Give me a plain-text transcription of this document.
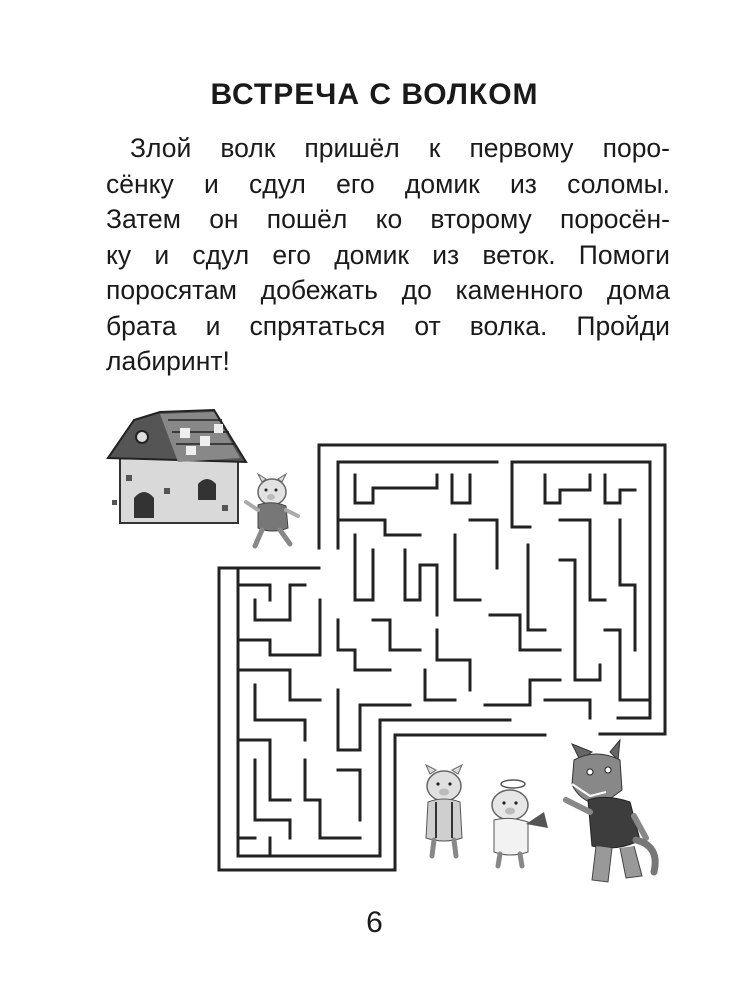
ВСТРЕЧА С ВОЛКОМ
Злой волк пришёл к первому поро-
сёнку и сдул его домик из соломы.
Затем он пошёл ко второму поросён-
ку и сдул его домик из веток. Помоги
поросятам добежать до каменного дома
брата и спрятаться от волка. Пройди
лабиринт!
6
